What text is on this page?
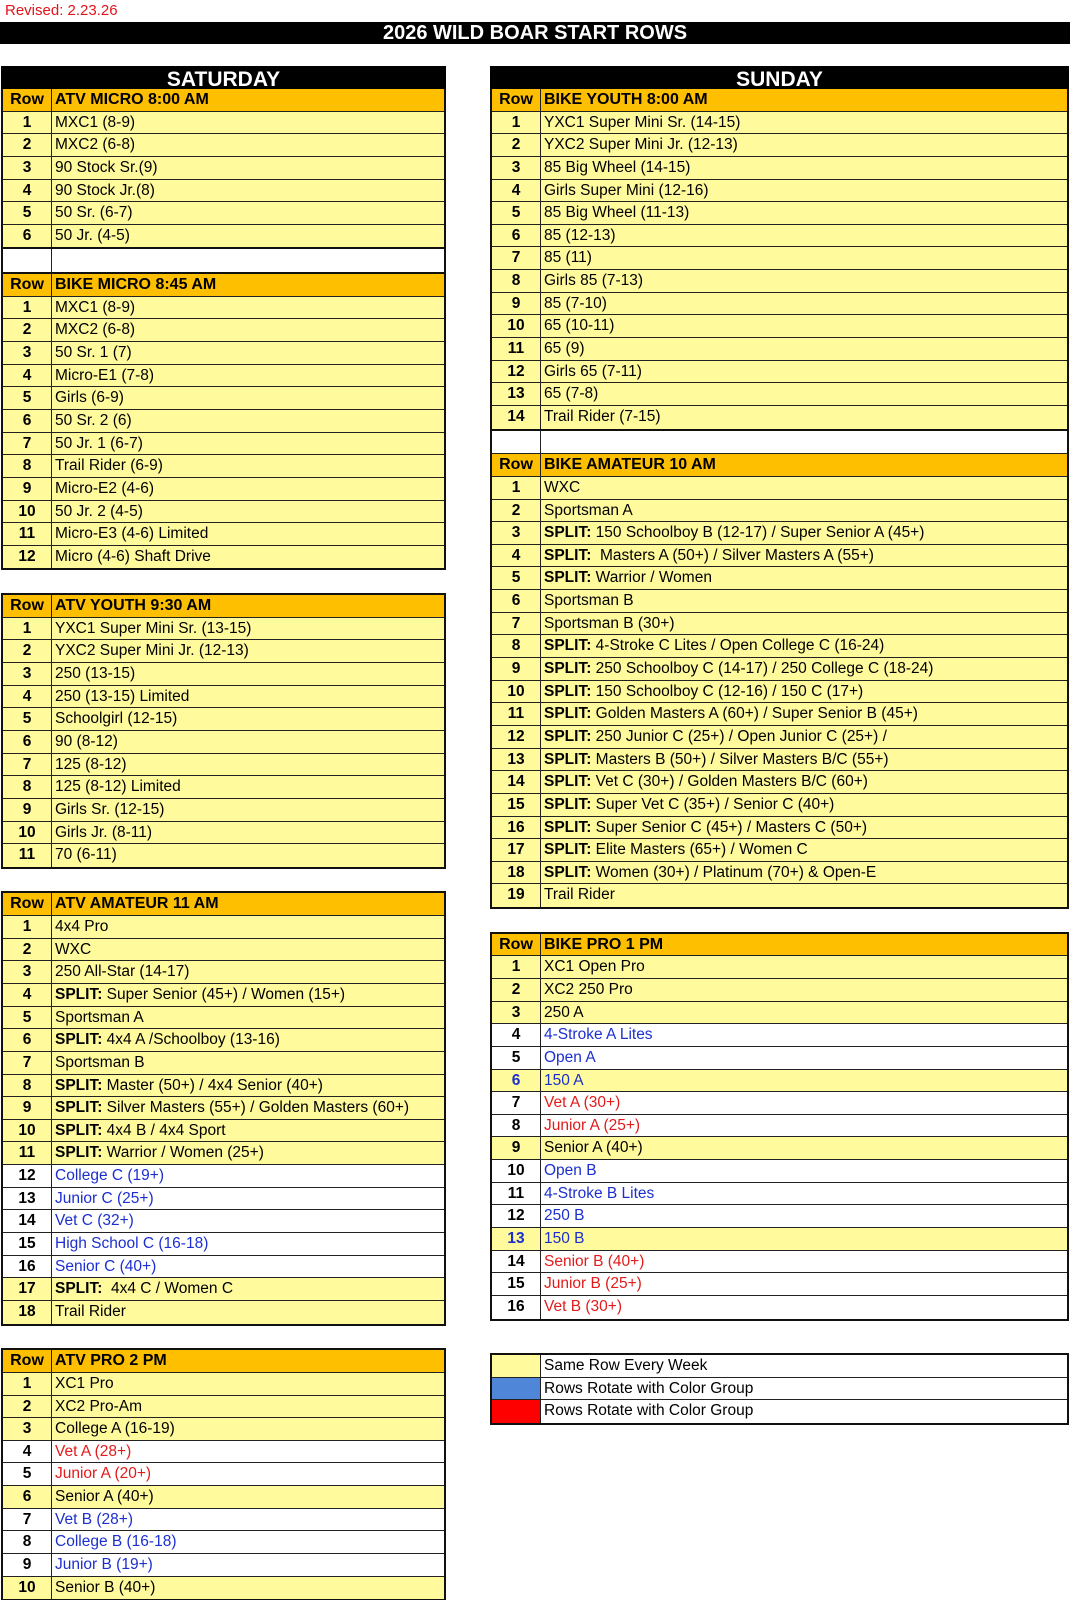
Revised: 2.23.26
2026 WILD BOAR START ROWS
SATURDAY
Row ATV MICRO 8:00 AM
1	MXC1 (8-9)
2	MXC2 (6-8)
3	90 Stock Sr.(9)
4	90 Stock Jr.(8)
5	50 Sr. (6-7)
6	50 Jr. (4-5)
Row BIKE MICRO 8:45 AM
1	MXC1 (8-9)
2	MXC2 (6-8)
3	50 Sr. 1 (7)
4	Micro-E1 (7-8)
5	Girls (6-9)
6	50 Sr. 2 (6)
7	50 Jr. 1 (6-7)
8	Trail Rider (6-9)
9	Micro-E2 (4-6)
10	50 Jr. 2 (4-5)
11	Micro-E3 (4-6) Limited
12	Micro (4-6) Shaft Drive
Row ATV YOUTH 9:30 AM
1	YXC1 Super Mini Sr. (13-15)
2	YXC2 Super Mini Jr. (12-13)
3	250 (13-15)
4	250 (13-15) Limited
5	Schoolgirl (12-15)
6	90 (8-12)
7	125 (8-12)
8	125 (8-12) Limited
9	Girls Sr. (12-15)
10	Girls Jr. (8-11)
11	70 (6-11)
Row ATV AMATEUR 11 AM
1	4x4 Pro
2	WXC
3	250 All-Star (14-17)
4	SPLIT: Super Senior (45+) / Women (15+)
5	Sportsman A
6	SPLIT: 4x4 A /Schoolboy (13-16)
7	Sportsman B
8	SPLIT: Master (50+) / 4x4 Senior (40+)
9	SPLIT: Silver Masters (55+) / Golden Masters (60+)
10	SPLIT: 4x4 B / 4x4 Sport
11	SPLIT: Warrior / Women (25+)
12	College C (19+)
13	Junior C (25+)
14	Vet C (32+)
15	High School C (16-18)
16	Senior C (40+)
17	SPLIT:  4x4 C / Women C
18	Trail Rider
Row ATV PRO 2 PM
1	XC1 Pro
2	XC2 Pro-Am
3	College A (16-19)
4	Vet A (28+)
5	Junior A (20+)
6	Senior A (40+)
7	Vet B (28+)
8	College B (16-18)
9	Junior B (19+)
10	Senior B (40+)
SUNDAY
Row BIKE YOUTH 8:00 AM
1	YXC1 Super Mini Sr. (14-15)
2	YXC2 Super Mini Jr. (12-13)
3	85 Big Wheel (14-15)
4	Girls Super Mini (12-16)
5	85 Big Wheel (11-13)
6	85 (12-13)
7	85 (11)
8	Girls 85 (7-13)
9	85 (7-10)
10	65 (10-11)
11	65 (9)
12	Girls 65 (7-11)
13	65 (7-8)
14	Trail Rider (7-15)
Row BIKE AMATEUR 10 AM
1	WXC
2	Sportsman A
3	SPLIT: 150 Schoolboy B (12-17) / Super Senior A (45+)
4	SPLIT:  Masters A (50+) / Silver Masters A (55+)
5	SPLIT: Warrior / Women
6	Sportsman B
7	Sportsman B (30+)
8	SPLIT: 4-Stroke C Lites / Open College C (16-24)
9	SPLIT: 250 Schoolboy C (14-17) / 250 College C (18-24)
10	SPLIT: 150 Schoolboy C (12-16) / 150 C (17+)
11	SPLIT: Golden Masters A (60+) / Super Senior B (45+)
12	SPLIT: 250 Junior C (25+) / Open Junior C (25+) /
13	SPLIT: Masters B (50+) / Silver Masters B/C (55+)
14	SPLIT: Vet C (30+) / Golden Masters B/C (60+)
15	SPLIT: Super Vet C (35+) / Senior C (40+)
16	SPLIT: Super Senior C (45+) / Masters C (50+)
17	SPLIT: Elite Masters (65+) / Women C
18	SPLIT: Women (30+) / Platinum (70+) & Open-E
19	Trail Rider
Row BIKE PRO 1 PM
1	XC1 Open Pro
2	XC2 250 Pro
3	250 A
4	4-Stroke A Lites
5	Open A
6	150 A
7	Vet A (30+)
8	Junior A (25+)
9	Senior A (40+)
10	Open B
11	4-Stroke B Lites
12	250 B
13	150 B
14	Senior B (40+)
15	Junior B (25+)
16	Vet B (30+)
Same Row Every Week
Rows Rotate with Color Group
Rows Rotate with Color Group
